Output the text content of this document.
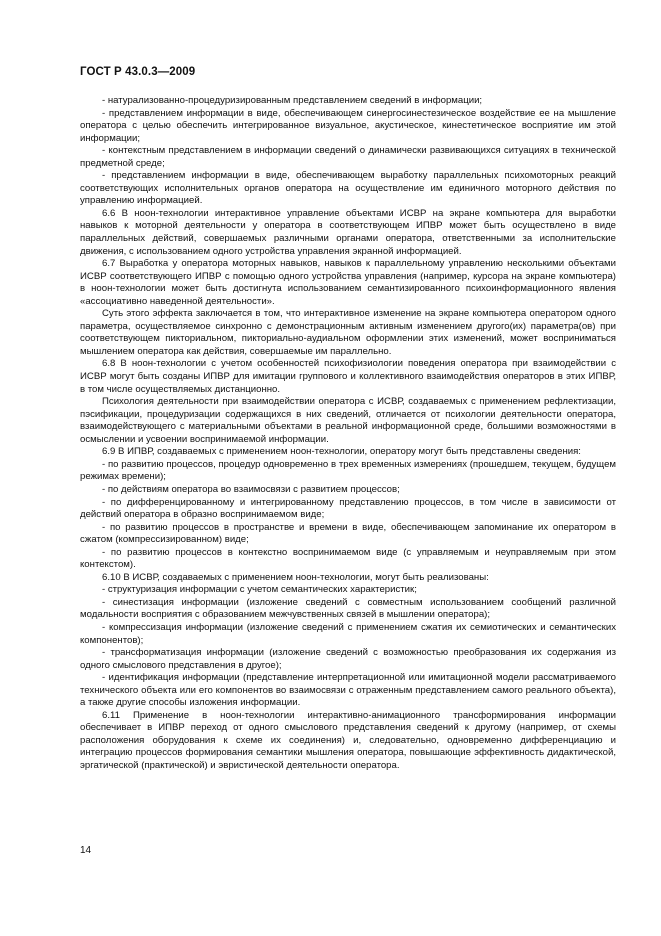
ГОСТ Р 43.0.3—2009

- натурализованно-процедуризированным представлением сведений в информации;

- представлением информации в виде, обеспечивающем синергосинестезическое воздействие ее на мышление оператора с целью обеспечить интегрированное визуальное, акустическое, кинестетическое восприятие им этой информации;

- контекстным представлением в информации сведений о динамически развивающихся ситуациях в технической предметной среде;

- представлением информации в виде, обеспечивающем выработку параллельных психомоторных реакций соответствующих исполнительных органов оператора на осуществление им единичного моторного действия по управлению информацией.

6.6 В ноон-технологии интерактивное управление объектами ИСВР на экране компьютера для выработки навыков к моторной деятельности у оператора в соответствующем ИПВР может быть осуществлено в виде параллельных действий, совершаемых различными органами оператора, ответственными за исполнительские движения, с использованием одного устройства управления экранной информацией.

6.7 Выработка у оператора моторных навыков, навыков к параллельному управлению несколькими объектами ИСВР соответствующего ИПВР с помощью одного устройства управления (например, курсора на экране компьютера) в ноон-технологии может быть достигнута использованием семантизированного психоинформационного явления «ассоциативно наведенной деятельности».

Суть этого эффекта заключается в том, что интерактивное изменение на экране компьютера оператором одного параметра, осуществляемое синхронно с демонстрационным активным изменением другого(их) параметра(ов) при соответствующем пикториальном, пикториально-аудиальном оформлении этих изменений, может восприниматься мышлением оператора как действия, совершаемые им параллельно.

6.8 В ноон-технологии с учетом особенностей психофизиологии поведения оператора при взаимодействии с ИСВР могут быть созданы ИПВР для имитации группового и коллективного взаимодействия операторов в этих ИПВР, в том числе осуществляемых дистанционно.

Психология деятельности при взаимодействии оператора с ИСВР, создаваемых с применением рефлектизации, пэсификации, процедуризации содержащихся в них сведений, отличается от психологии деятельности оператора, взаимодействующего с материальными объектами в реальной информационной среде, большими возможностями в осмыслении и усвоении воспринимаемой информации.

6.9 В ИПВР, создаваемых с применением ноон-технологии, оператору могут быть представлены сведения:

- по развитию процессов, процедур одновременно в трех временных измерениях (прошедшем, текущем, будущем режимах времени);

- по действиям оператора во взаимосвязи с развитием процессов;

- по дифференцированному и интегрированному представлению процессов, в том числе в зависимости от действий оператора в образно воспринимаемом виде;

- по развитию процессов в пространстве и времени в виде, обеспечивающем запоминание их оператором в сжатом (компрессизированном) виде;

- по развитию процессов в контекстно воспринимаемом виде (с управляемым и неуправляемым при этом контекстом).

6.10 В ИСВР, создаваемых с применением ноон-технологии, могут быть реализованы:

- структуризация информации с учетом семантических характеристик;

- синестизация информации (изложение сведений с совместным использованием сообщений различной модальности восприятия с образованием межчувственных связей в мышлении оператора);

- компрессизация информации (изложение сведений с применением сжатия их семиотических и семантических компонентов);

- трансформатизация информации (изложение сведений с возможностью преобразования их содержания из одного смыслового представления в другое);

- идентификация информации (представление интерпретационной или имитационной модели рассматриваемого технического объекта или его компонентов во взаимосвязи с отраженным представлением самого реального объекта), а также другие способы изложения информации.

6.11 Применение в ноон-технологии интерактивно-анимационного трансформирования информации обеспечивает в ИПВР переход от одного смыслового представления сведений к другому (например, от схемы расположения оборудования к схеме их соединения) и, следовательно, одновременно дифференциацию и интеграцию процессов формирования семантики мышления оператора, повышающие эффективность дидактической, эргатической (практической) и эвристической деятельности оператора.

14
